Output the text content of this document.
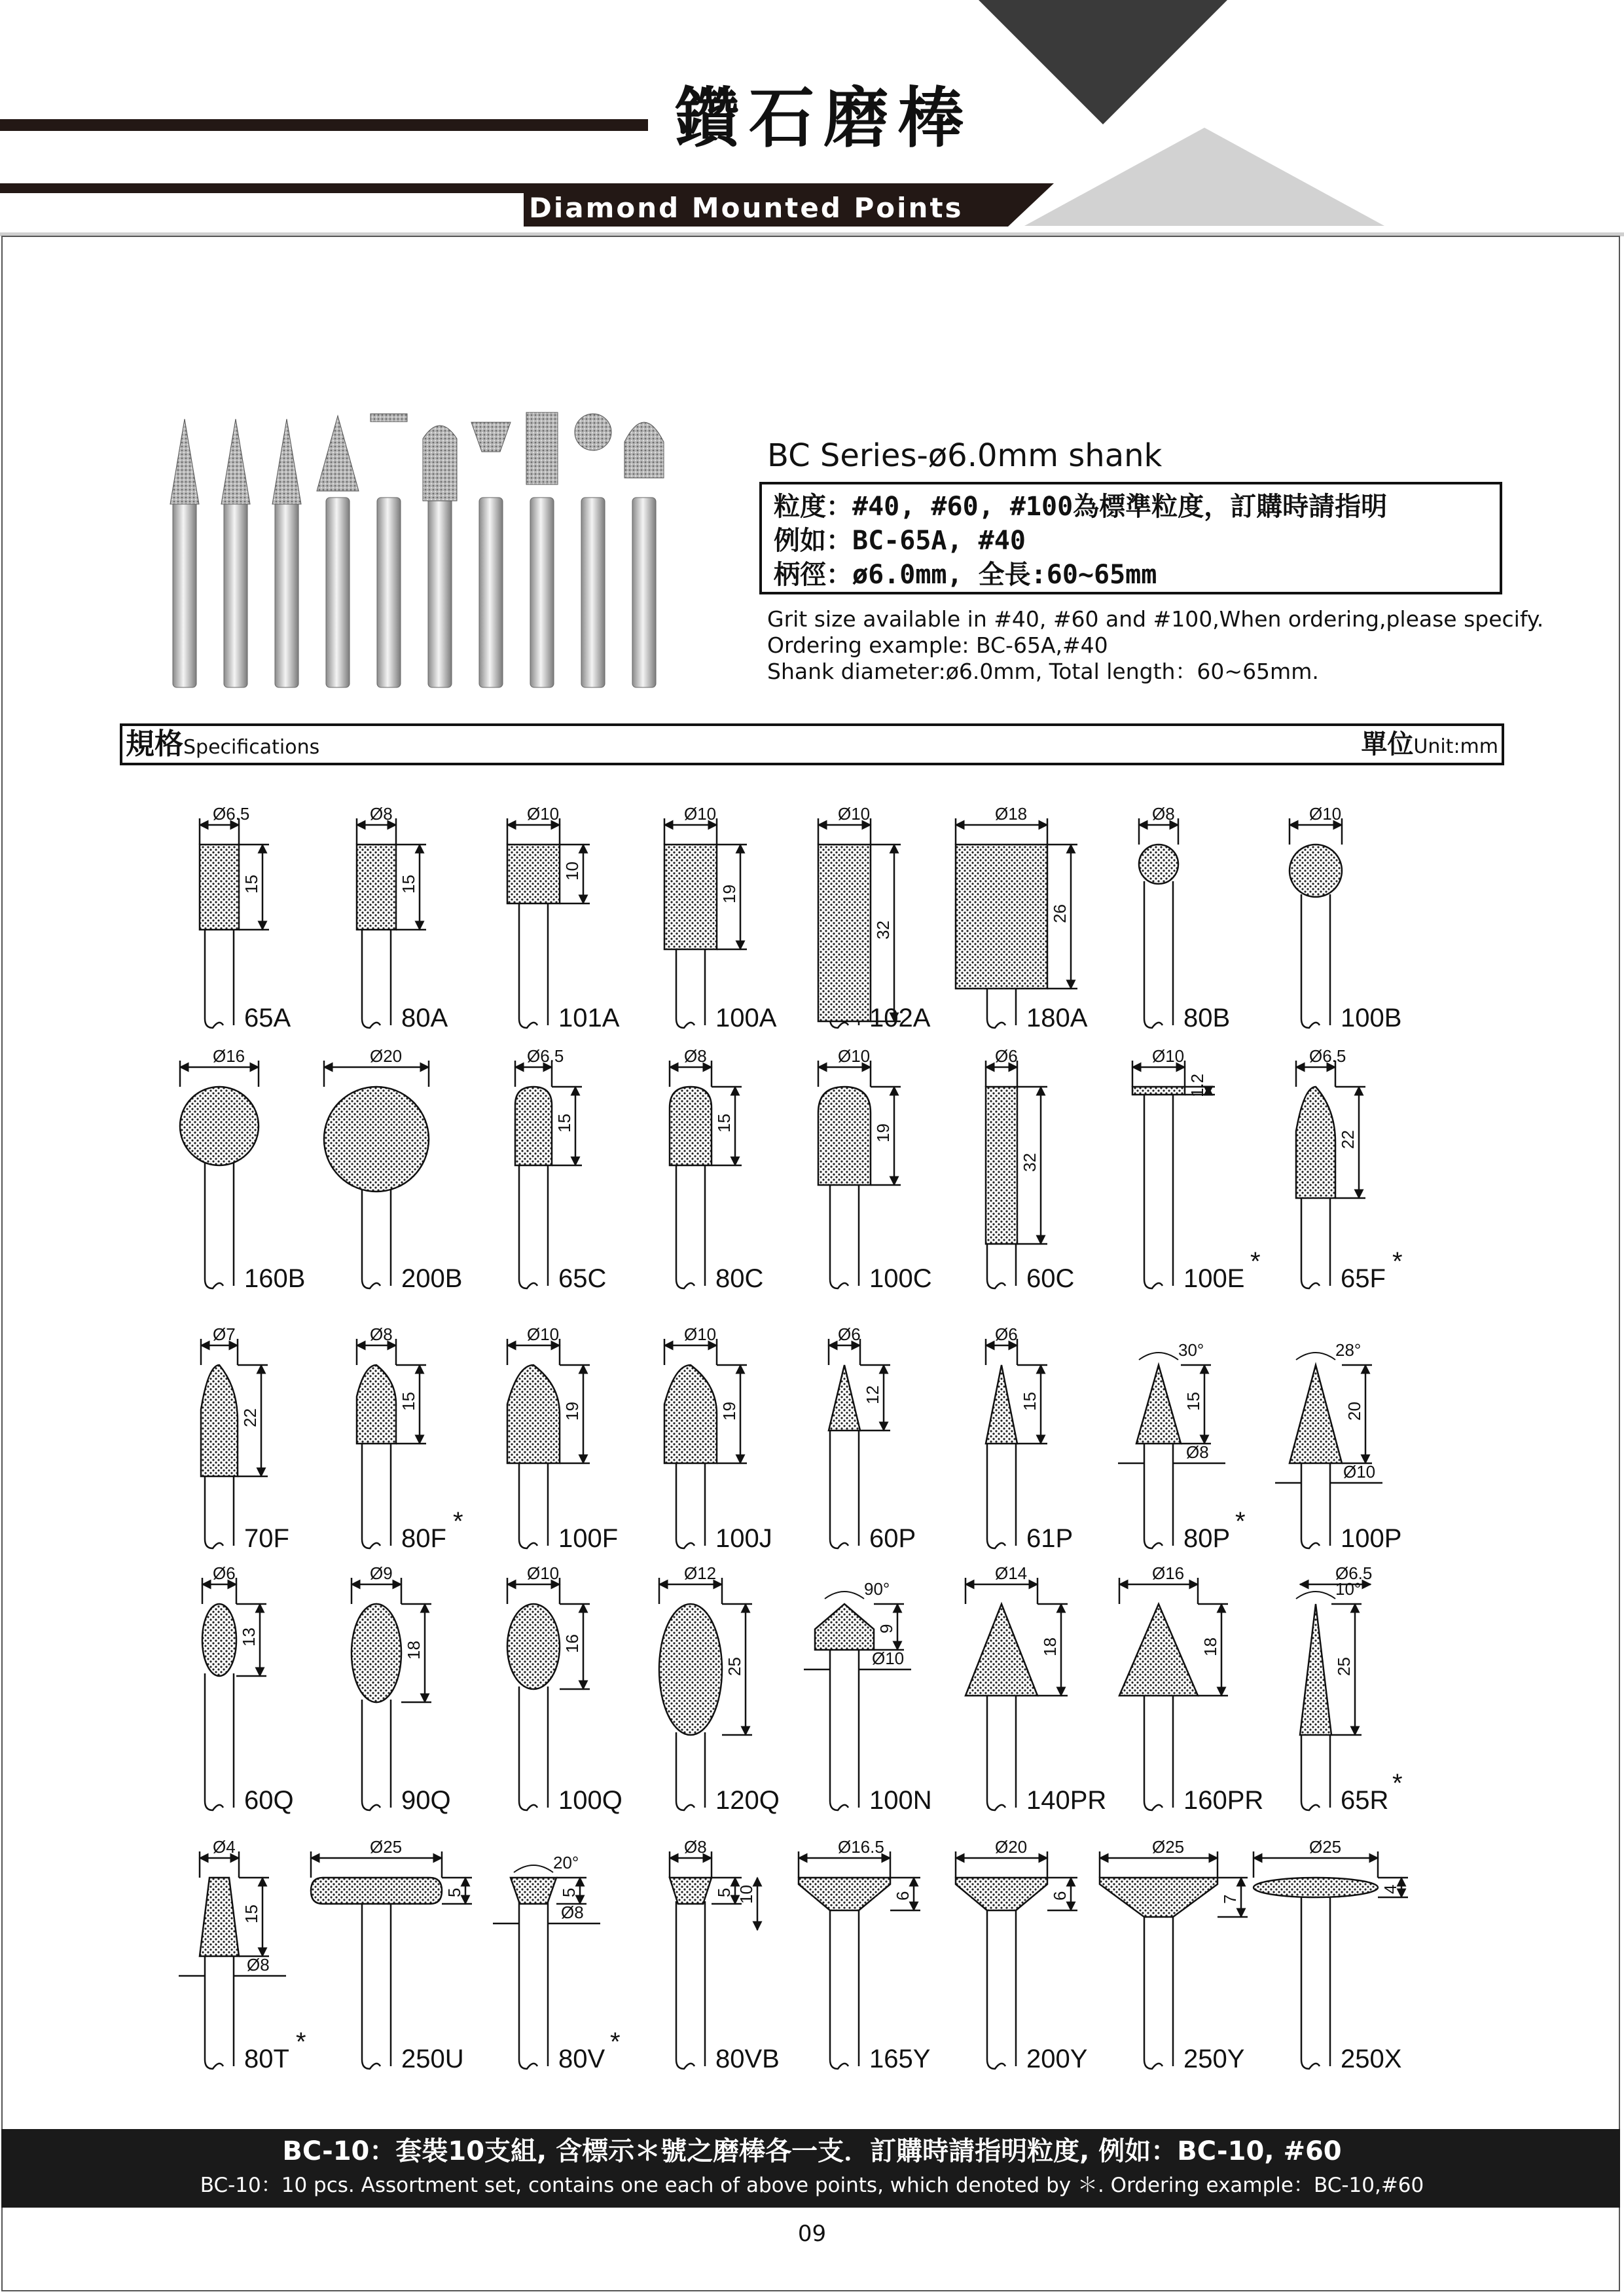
鑽石磨棒
Diamond Mounted Points
BC Series-ø6.0mm shank
粒度：#40, #60, #100為標準粒度，訂購時請指明
例如：BC-65A, #40
柄徑：ø6.0mm, 全長:60~65mm
Grit size available in #40, #60 and #100,When ordering,please specify.
Ordering example: BC-65A,#40
Shank diameter:ø6.0mm, Total length：60~65mm.
規格Specifications	單位Unit:mm
Ø6.5
15
65A
Ø8
15
80A
Ø10
10
101A
Ø10
19
100A
Ø10
32
102A
Ø18
26
180A
Ø8
80B
Ø10
100B
Ø16
160B
Ø20
200B
Ø6.5
15
65C
Ø8
15
80C
Ø10
19
100C
Ø6
32
60C
Ø10
1.2
100E
*
Ø6.5
22
65F
*
Ø7
22
70F
Ø8
15
80F
*
Ø10
19
100F
Ø10
19
100J
Ø6
12
60P
Ø6
15
61P
30°
15
Ø8
80P
*
28°
20
Ø10
100P
Ø6
13
60Q
Ø9
18
90Q
Ø10
16
100Q
Ø12
25
120Q
90°
9
Ø10
100N
Ø14
18
140PR
Ø16
18
160PR
10°
Ø6.5
25
65R
*
Ø4
15
Ø8
80T
*
Ø25
5
250U
20°
5
Ø8
80V
*
Ø8
5 10
80VB
Ø16.5
6
165Y
Ø20
6
200Y
Ø25
7
250Y
Ø25
4
250X
BC-10：套裝10支組, 含標示＊號之磨棒各一支．訂購時請指明粒度, 例如：BC-10, #60
BC-10：10 pcs. Assortment set, contains one each of above points, which denoted by ＊. Ordering example：BC-10,#60
09
